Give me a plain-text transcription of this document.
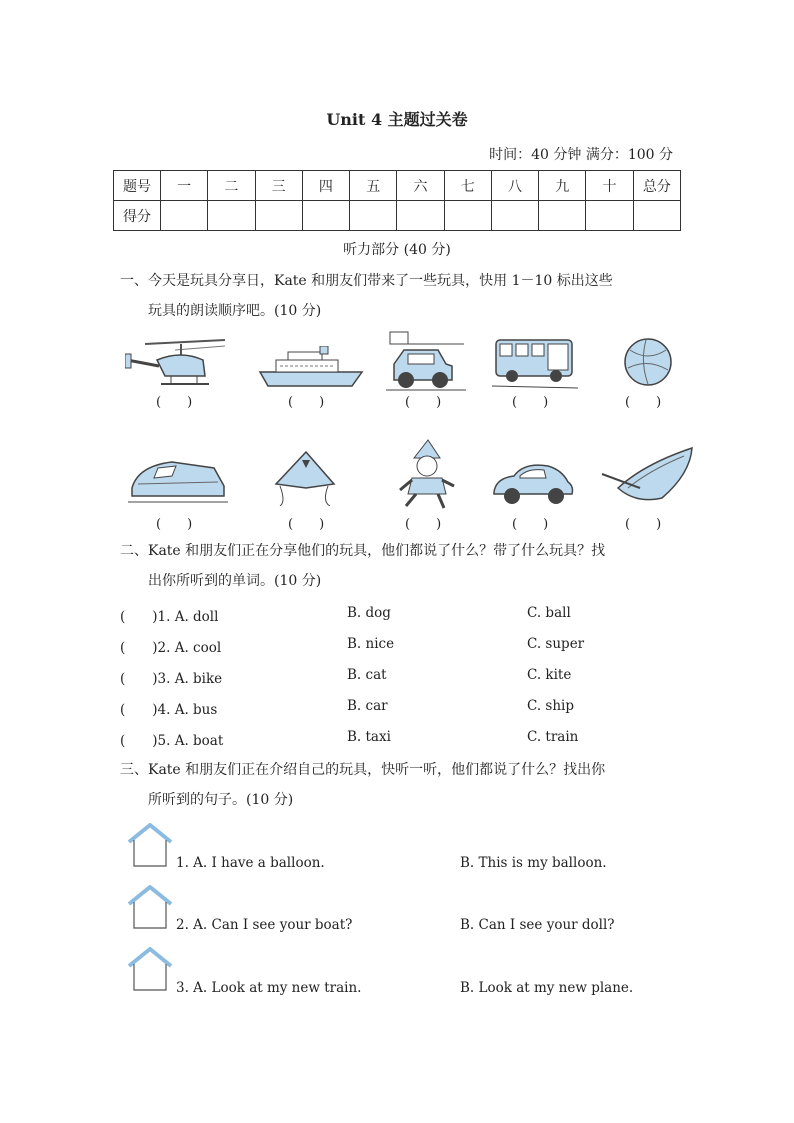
Unit 4 主题过关卷
时间：40 分钟 满分：100 分
题号	一	二	三	四	五	六	七	八	九	十	总分
得分											
听力部分 (40 分)
一、今天是玩具分享日，Kate 和朋友们带来了一些玩具，快用 1－10 标出这些
玩具的朗读顺序吧。(10 分)
(　　)	(　　)	(　　)	(　　)	(　　)
(　　)	(　　)	(　　)	(　　)	(　　)
二、Kate 和朋友们正在分享他们的玩具，他们都说了什么？带了什么玩具？找
出你所听到的单词。(10 分)
(　　)1. A. doll	B. dog	C. ball
(　　)2. A. cool	B. nice	C. super
(　　)3. A. bike	B. cat	C. kite
(　　)4. A. bus	B. car	C. ship
(　　)5. A. boat	B. taxi	C. train
三、Kate 和朋友们正在介绍自己的玩具，快听一听，他们都说了什么？找出你
所听到的句子。(10 分)
1. A. I have a balloon.	B. This is my balloon.
2. A. Can I see your boat?	B. Can I see your doll?
3. A. Look at my new train.	B. Look at my new plane.
